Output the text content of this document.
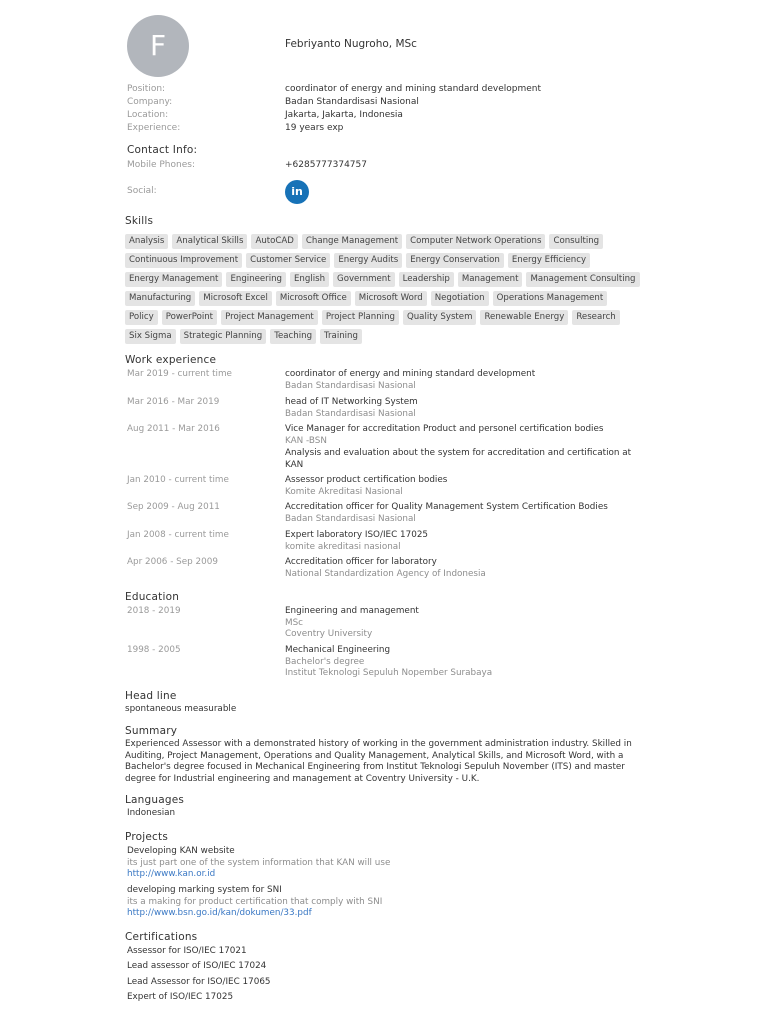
F	Febriyanto Nugroho, MSc
Position:	coordinator of energy and mining standard development
Company:	Badan Standardisasi Nasional
Location:	Jakarta, Jakarta, Indonesia
Experience:	19 years exp
Contact Info:
Mobile Phones:	+6285777374757
Social:	in
Skills
Analysis	Analytical Skills	AutoCAD	Change Management	Computer Network Operations	Consulting
Continuous Improvement	Customer Service	Energy Audits	Energy Conservation	Energy Efficiency
Energy Management	Engineering	English	Government	Leadership	Management	Management Consulting
Manufacturing	Microsoft Excel	Microsoft Office	Microsoft Word	Negotiation	Operations Management
Policy	PowerPoint	Project Management	Project Planning	Quality System	Renewable Energy	Research
Six Sigma	Strategic Planning	Teaching	Training
Work experience
Mar 2019 - current time	coordinator of energy and mining standard development
Badan Standardisasi Nasional
Mar 2016 - Mar 2019	head of IT Networking System
Badan Standardisasi Nasional
Aug 2011 - Mar 2016	Vice Manager for accreditation Product and personel certification bodies
KAN -BSN
Analysis and evaluation about the system for accreditation and certification at KAN
Jan 2010 - current time	Assessor product certification bodies
Komite Akreditasi Nasional
Sep 2009 - Aug 2011	Accreditation officer for Quality Management System Certification Bodies
Badan Standardisasi Nasional
Jan 2008 - current time	Expert laboratory ISO/IEC 17025
komite akreditasi nasional
Apr 2006 - Sep 2009	Accreditation officer for laboratory
National Standardization Agency of Indonesia
Education
2018 - 2019	Engineering and management
MSc
Coventry University
1998 - 2005	Mechanical Engineering
Bachelor's degree
Institut Teknologi Sepuluh Nopember Surabaya
Head line
spontaneous measurable
Summary
Experienced Assessor with a demonstrated history of working in the government administration industry. Skilled in Auditing, Project Management, Operations and Quality Management, Analytical Skills, and Microsoft Word, with a Bachelor's degree focused in Mechanical Engineering from Institut Teknologi Sepuluh November (ITS) and master degree for Industrial engineering and management at Coventry University - U.K.
Languages
Indonesian
Projects
Developing KAN website
its just part one of the system information that KAN will use
http://www.kan.or.id
developing marking system for SNI
its a making for product certification that comply with SNI
http://www.bsn.go.id/kan/dokumen/33.pdf
Certifications
Assessor for ISO/IEC 17021
Lead assessor of ISO/IEC 17024
Lead Assessor for ISO/IEC 17065
Expert of ISO/IEC 17025
